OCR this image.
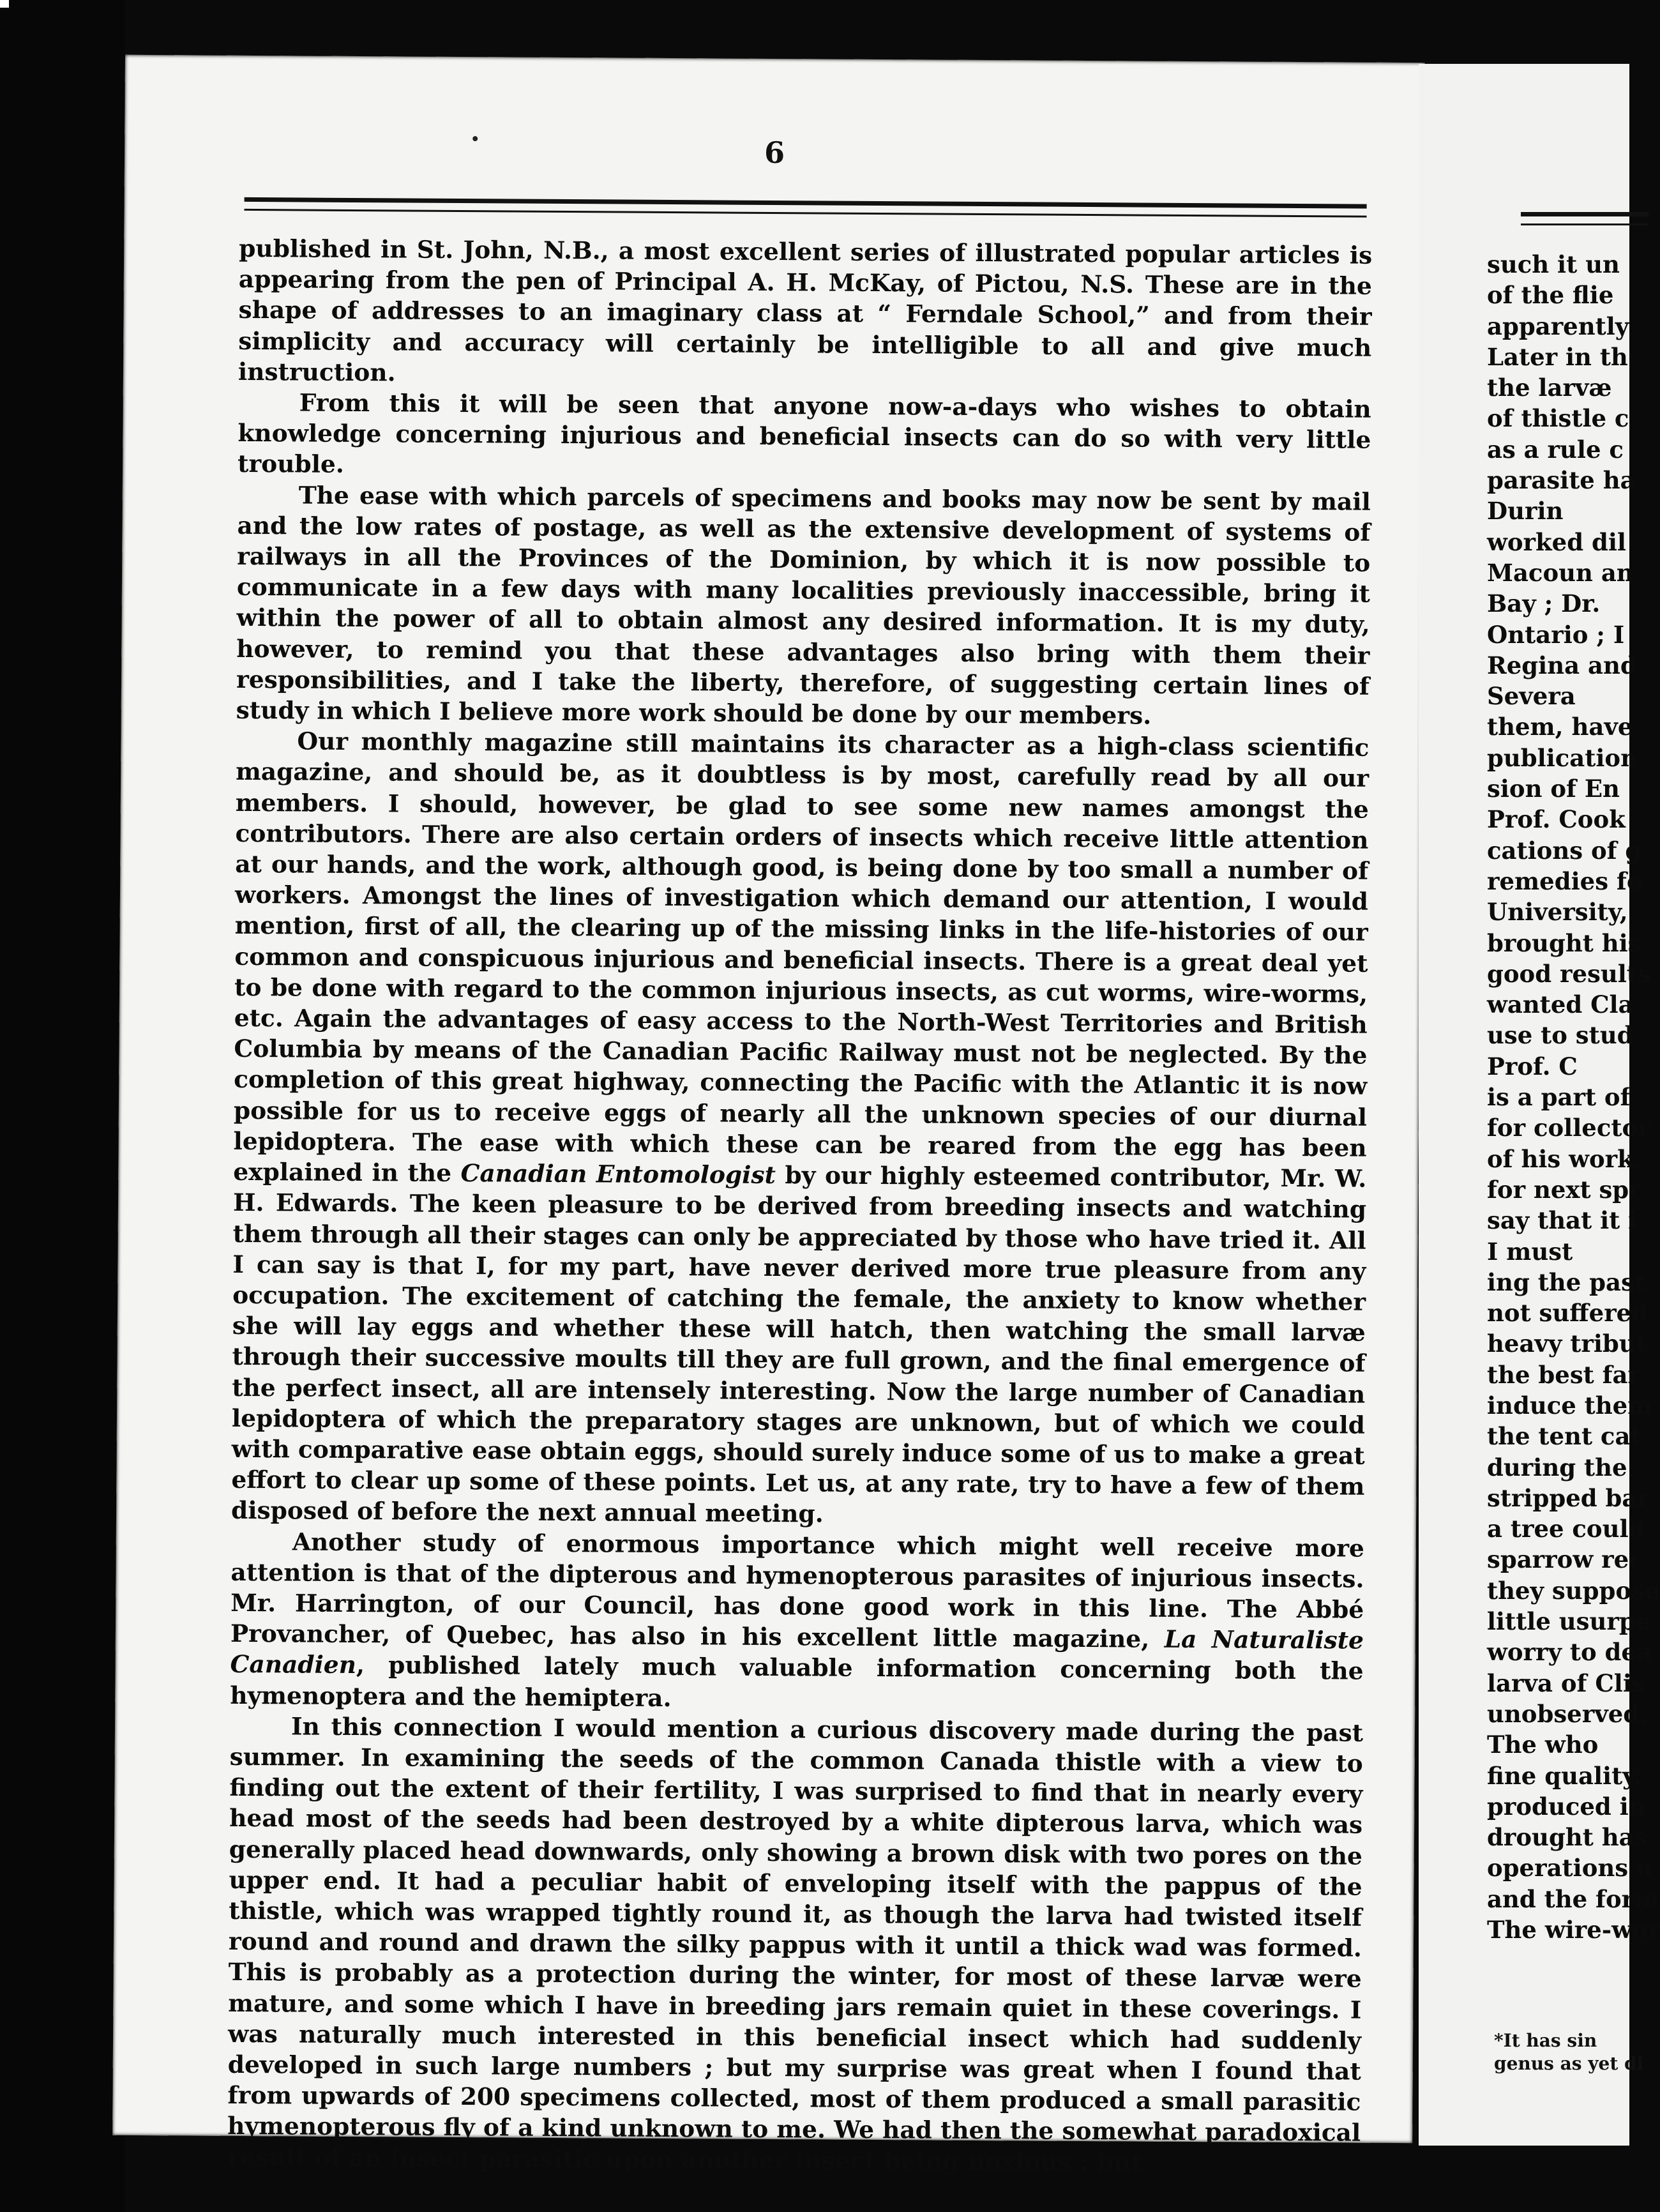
6

published in St. John, N.B., a most excellent series of illustrated popular articles is appearing from the pen of Principal A. H. McKay, of Pictou, N.S. These are in the shape of addresses to an imaginary class at “ Ferndale School,” and from their simplicity and accuracy will certainly be intelligible to all and give much instruction.

From this it will be seen that anyone now-a-days who wishes to obtain knowledge concerning injurious and beneficial insects can do so with very little trouble.

The ease with which parcels of specimens and books may now be sent by mail and the low rates of postage, as well as the extensive development of systems of railways in all the Provinces of the Dominion, by which it is now possible to communicate in a few days with many localities previously inaccessible, bring it within the power of all to obtain almost any desired information. It is my duty, however, to remind you that these advantages also bring with them their responsibilities, and I take the liberty, therefore, of suggesting certain lines of study in which I believe more work should be done by our members.

Our monthly magazine still maintains its character as a high-class scientific magazine, and should be, as it doubtless is by most, carefully read by all our members. I should, however, be glad to see some new names amongst the contributors. There are also certain orders of insects which receive little attention at our hands, and the work, although good, is being done by too small a number of workers. Amongst the lines of investigation which demand our attention, I would mention, first of all, the clearing up of the missing links in the life-histories of our common and conspicuous injurious and beneficial insects. There is a great deal yet to be done with regard to the common injurious insects, as cut worms, wire-worms, etc. Again the advantages of easy access to the North-West Territories and British Columbia by means of the Canadian Pacific Railway must not be neglected. By the completion of this great highway, connecting the Pacific with the Atlantic it is now possible for us to receive eggs of nearly all the unknown species of our diurnal lepidoptera. The ease with which these can be reared from the egg has been explained in the Canadian Entomologist by our highly esteemed contributor, Mr. W. H. Edwards. The keen pleasure to be derived from breeding insects and watching them through all their stages can only be appreciated by those who have tried it. All I can say is that I, for my part, have never derived more true pleasure from any occupation. The excitement of catching the female, the anxiety to know whether she will lay eggs and whether these will hatch, then watching the small larvæ through their successive moults till they are full grown, and the final emergence of the perfect insect, all are intensely interesting. Now the large number of Canadian lepidoptera of which the preparatory stages are unknown, but of which we could with comparative ease obtain eggs, should surely induce some of us to make a great effort to clear up some of these points. Let us, at any rate, try to have a few of them disposed of before the next annual meeting.

Another study of enormous importance which might well receive more attention is that of the dipterous and hymenopterous parasites of injurious insects. Mr. Harrington, of our Council, has done good work in this line. The Abbé Provancher, of Quebec, has also in his excellent little magazine, La Naturaliste Canadien, published lately much valuable information concerning both the hymenoptera and the hemiptera.

In this connection I would mention a curious discovery made during the past summer. In examining the seeds of the common Canada thistle with a view to finding out the extent of their fertility, I was surprised to find that in nearly every head most of the seeds had been destroyed by a white dipterous larva, which was generally placed head downwards, only showing a brown disk with two pores on the upper end. It had a peculiar habit of enveloping itself with the pappus of the thistle, which was wrapped tightly round it, as though the larva had twisted itself round and round and drawn the silky pappus with it until a thick wad was formed. This is probably as a protection during the winter, for most of these larvæ were mature, and some which I have in breeding jars remain quiet in these coverings. I was naturally much interested in this beneficial insect which had suddenly developed in such large numbers ; but my surprise was great when I found that from upwards of 200 specimens collected, most of them produced a small parasitic hymenopterous fly of a kind unknown to me. We had then the somewhat paradoxical result of an insect parasitic upon another insect being noxious ; but

such it un
of the flie
apparently
Later in th
the larvæ
of thistle c
as a rule c
parasite ha
Durin
worked dil
Macoun an
Bay ; Dr.
Ontario ; I
Regina and
Severa
them, have
publication
sion of En
Prof. Cook
cations of g
remedies fo
University,
brought his
good results
wanted Cla
use to stud
Prof. C
is a part of
for collector
of his work.
for next spr
say that it i
I must
ing the past
not suffered
heavy tribut
the best far
induce them
the tent cat
during the
stripped bar
a tree could
sparrow rec
they suppose
little usurpe
worry to dea
larva of Clis
unobserved.
The who
fine quality.
produced in
drought has
operations o
and the form
The wire-wor
*It has sin
genus as yet di
